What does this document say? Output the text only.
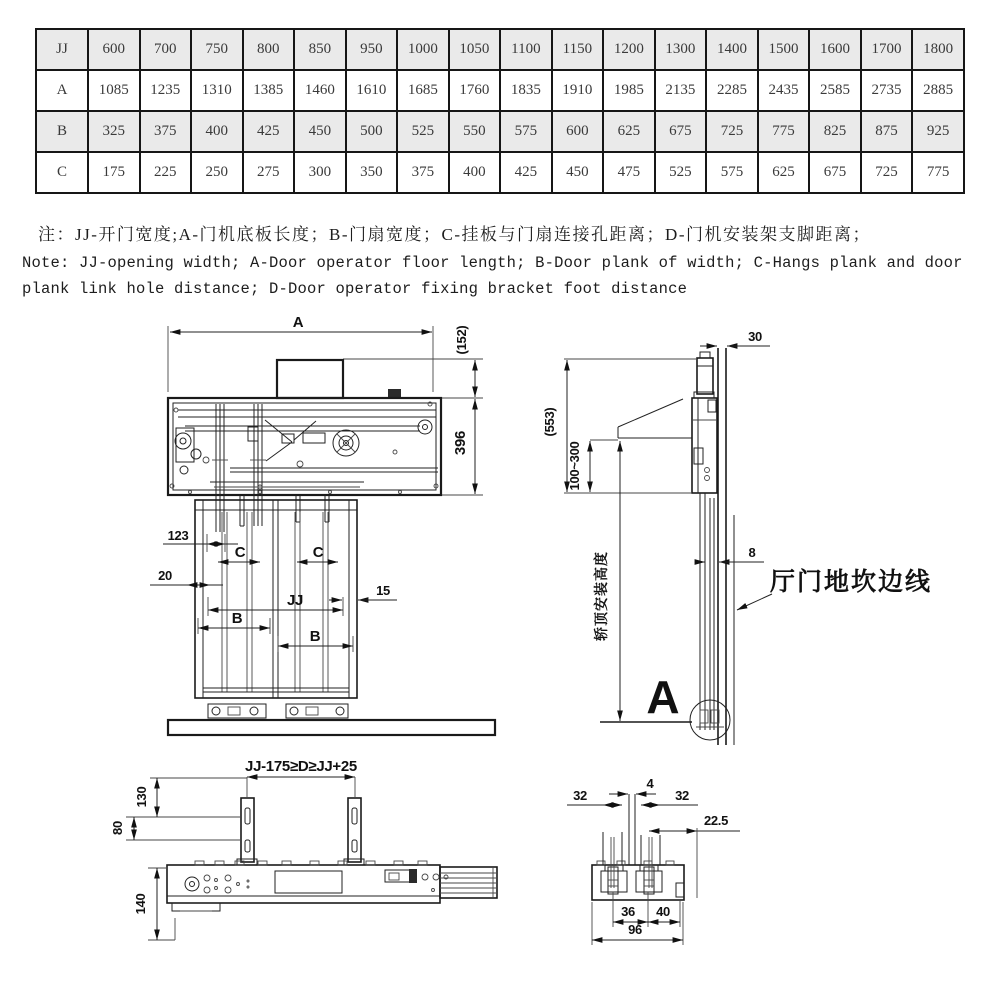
JJ	600	700	750	800	850	950	1000	1050	1100	1150	1200	1300	1400	1500	1600	1700	1800
A	1085	1235	1310	1385	1460	1610	1685	1760	1835	1910	1985	2135	2285	2435	2585	2735	2885
B	325	375	400	425	450	500	525	550	575	600	625	675	725	775	825	875	925
C	175	225	250	275	300	350	375	400	425	450	475	525	575	625	675	725	775
注：JJ-开门宽度;A-门机底板长度；B-门扇宽度；C-挂板与门扇连接孔距离；D-门机安装架支脚距离；
Note: JJ-opening width; A-Door operator floor length; B-Door plank of width; C-Hangs plank and door
plank link hole distance; D-Door operator fixing bracket foot distance
A
(152)
396
123
20
C	C
JJ
15
B
B
30
(553)
100~300
轿顶安装高度	8
厅门地坎边线
A
JJ-175≥D≥JJ+25
130
80
140
4
32	32
22.5
36 40
96
